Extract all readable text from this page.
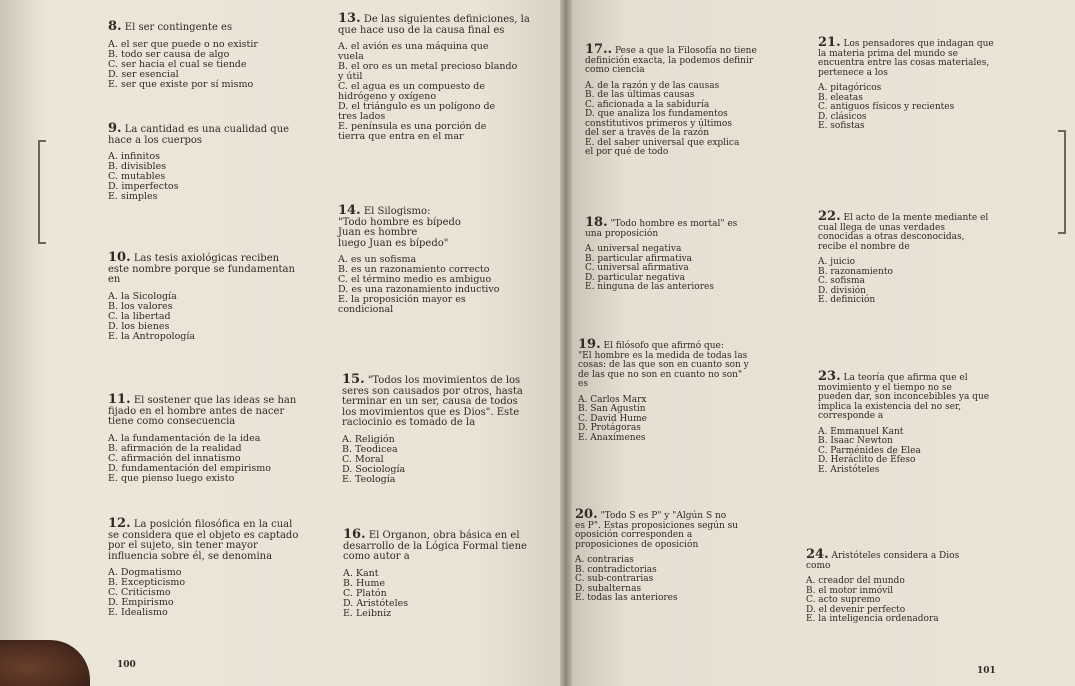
8. El ser contingente es
A. el ser que puede o no existir
B. todo ser causa de algo
C. ser hacia el cual se tiende
D. ser esencial
E. ser que existe por sí mismo
9. La cantidad es una cualidad que
hace a los cuerpos
A. infinitos
B. divisibles
C. mutables
D. imperfectos
E. simples
10. Las tesis axiológicas reciben
este nombre porque se fundamentan
en
A. la Sicología
B. los valores
C. la libertad
D. los bienes
E. la Antropología
11. El sostener que las ideas se han
fijado en el hombre antes de nacer
tiene como consecuencia
A. la fundamentación de la idea
B. afirmación de la realidad
C. afirmación del innatismo
D. fundamentación del empirismo
E. que pienso luego existo
12. La posición filosófica en la cual
se considera que el objeto es captado
por el sujeto, sin tener mayor
influencia sobre él, se denomina
A. Dogmatismo
B. Excepticismo
C. Criticismo
D. Empirismo
E. Idealismo
13. De las siguientes definiciones, la
que hace uso de la causa final es
A. el avión es una máquina que
vuela
B. el oro es un metal precioso blando
y útil
C. el agua es un compuesto de
hidrógeno y oxígeno
D. el triángulo es un polígono de
tres lados
E. península es una porción de
tierra que entra en el mar
14. El Silogismo:
"Todo hombre es bípedo
Juan es hombre
luego Juan es bípedo"
A. es un sofisma
B. es un razonamiento correcto
C. el término medio es ambiguo
D. es una razonamiento inductivo
E. la proposición mayor es
condicional
15. "Todos los movimientos de los
seres son causados por otros, hasta
terminar en un ser, causa de todos
los movimientos que es Dios". Este
raciocinio es tomado de la
A. Religión
B. Teodicea
C. Moral
D. Sociología
E. Teología
16. El Organon, obra básica en el
desarrollo de la Lógica Formal tiene
como autor a
A. Kant
B. Hume
C. Platón
D. Aristóteles
E. Leibniz
17.. Pese a que la Filosofía no tiene
definición exacta, la podemos definir
como ciencia
A. de la razón y de las causas
B. de las últimas causas
C. aficionada a la sabiduría
D. que analiza los fundamentos
constitutivos primeros y últimos
del ser a través de la razón
E. del saber universal que explica
el por qué de todo
18. "Todo hombre es mortal" es
una proposición
A. universal negativa
B. particular afirmativa
C. universal afirmativa
D. particular negativa
E. ninguna de las anteriores
19. El filósofo que afirmó que:
"El hombre es la medida de todas las
cosas: de las que son en cuanto son y
de las que no son en cuanto no son"
es
A. Carlos Marx
B. San Agustín
C. David Hume
D. Protágoras
E. Anaxímenes
20. "Todo S es P" y "Algún S no
es P". Estas proposiciones según su
oposición corresponden a
proposiciones de oposición
A. contrarias
B. contradictorias
C. sub-contrarias
D. subalternas
E. todas las anteriores
21. Los pensadores que indagan que
la materia prima del mundo se
encuentra entre las cosas materiales,
pertenece a los
A. pitagóricos
B. eleatas
C. antiguos físicos y recientes
D. clásicos
E. sofistas
22. El acto de la mente mediante el
cual llega de unas verdades
conocidas a otras desconocidas,
recibe el nombre de
A. juicio
B. razonamiento
C. sofisma
D. división
E. definición
23. La teoría que afirma que el
movimiento y el tiempo no se
pueden dar, son inconcebibles ya que
implica la existencia del no ser,
corresponde a
A. Emmanuel Kant
B. Isaac Newton
C. Parménides de Elea
D. Heráclito de Éfeso
E. Aristóteles
24. Aristóteles considera a Dios
como
A. creador del mundo
B. el motor inmóvil
C. acto supremo
D. el devenir perfecto
E. la inteligencia ordenadora
100
101
